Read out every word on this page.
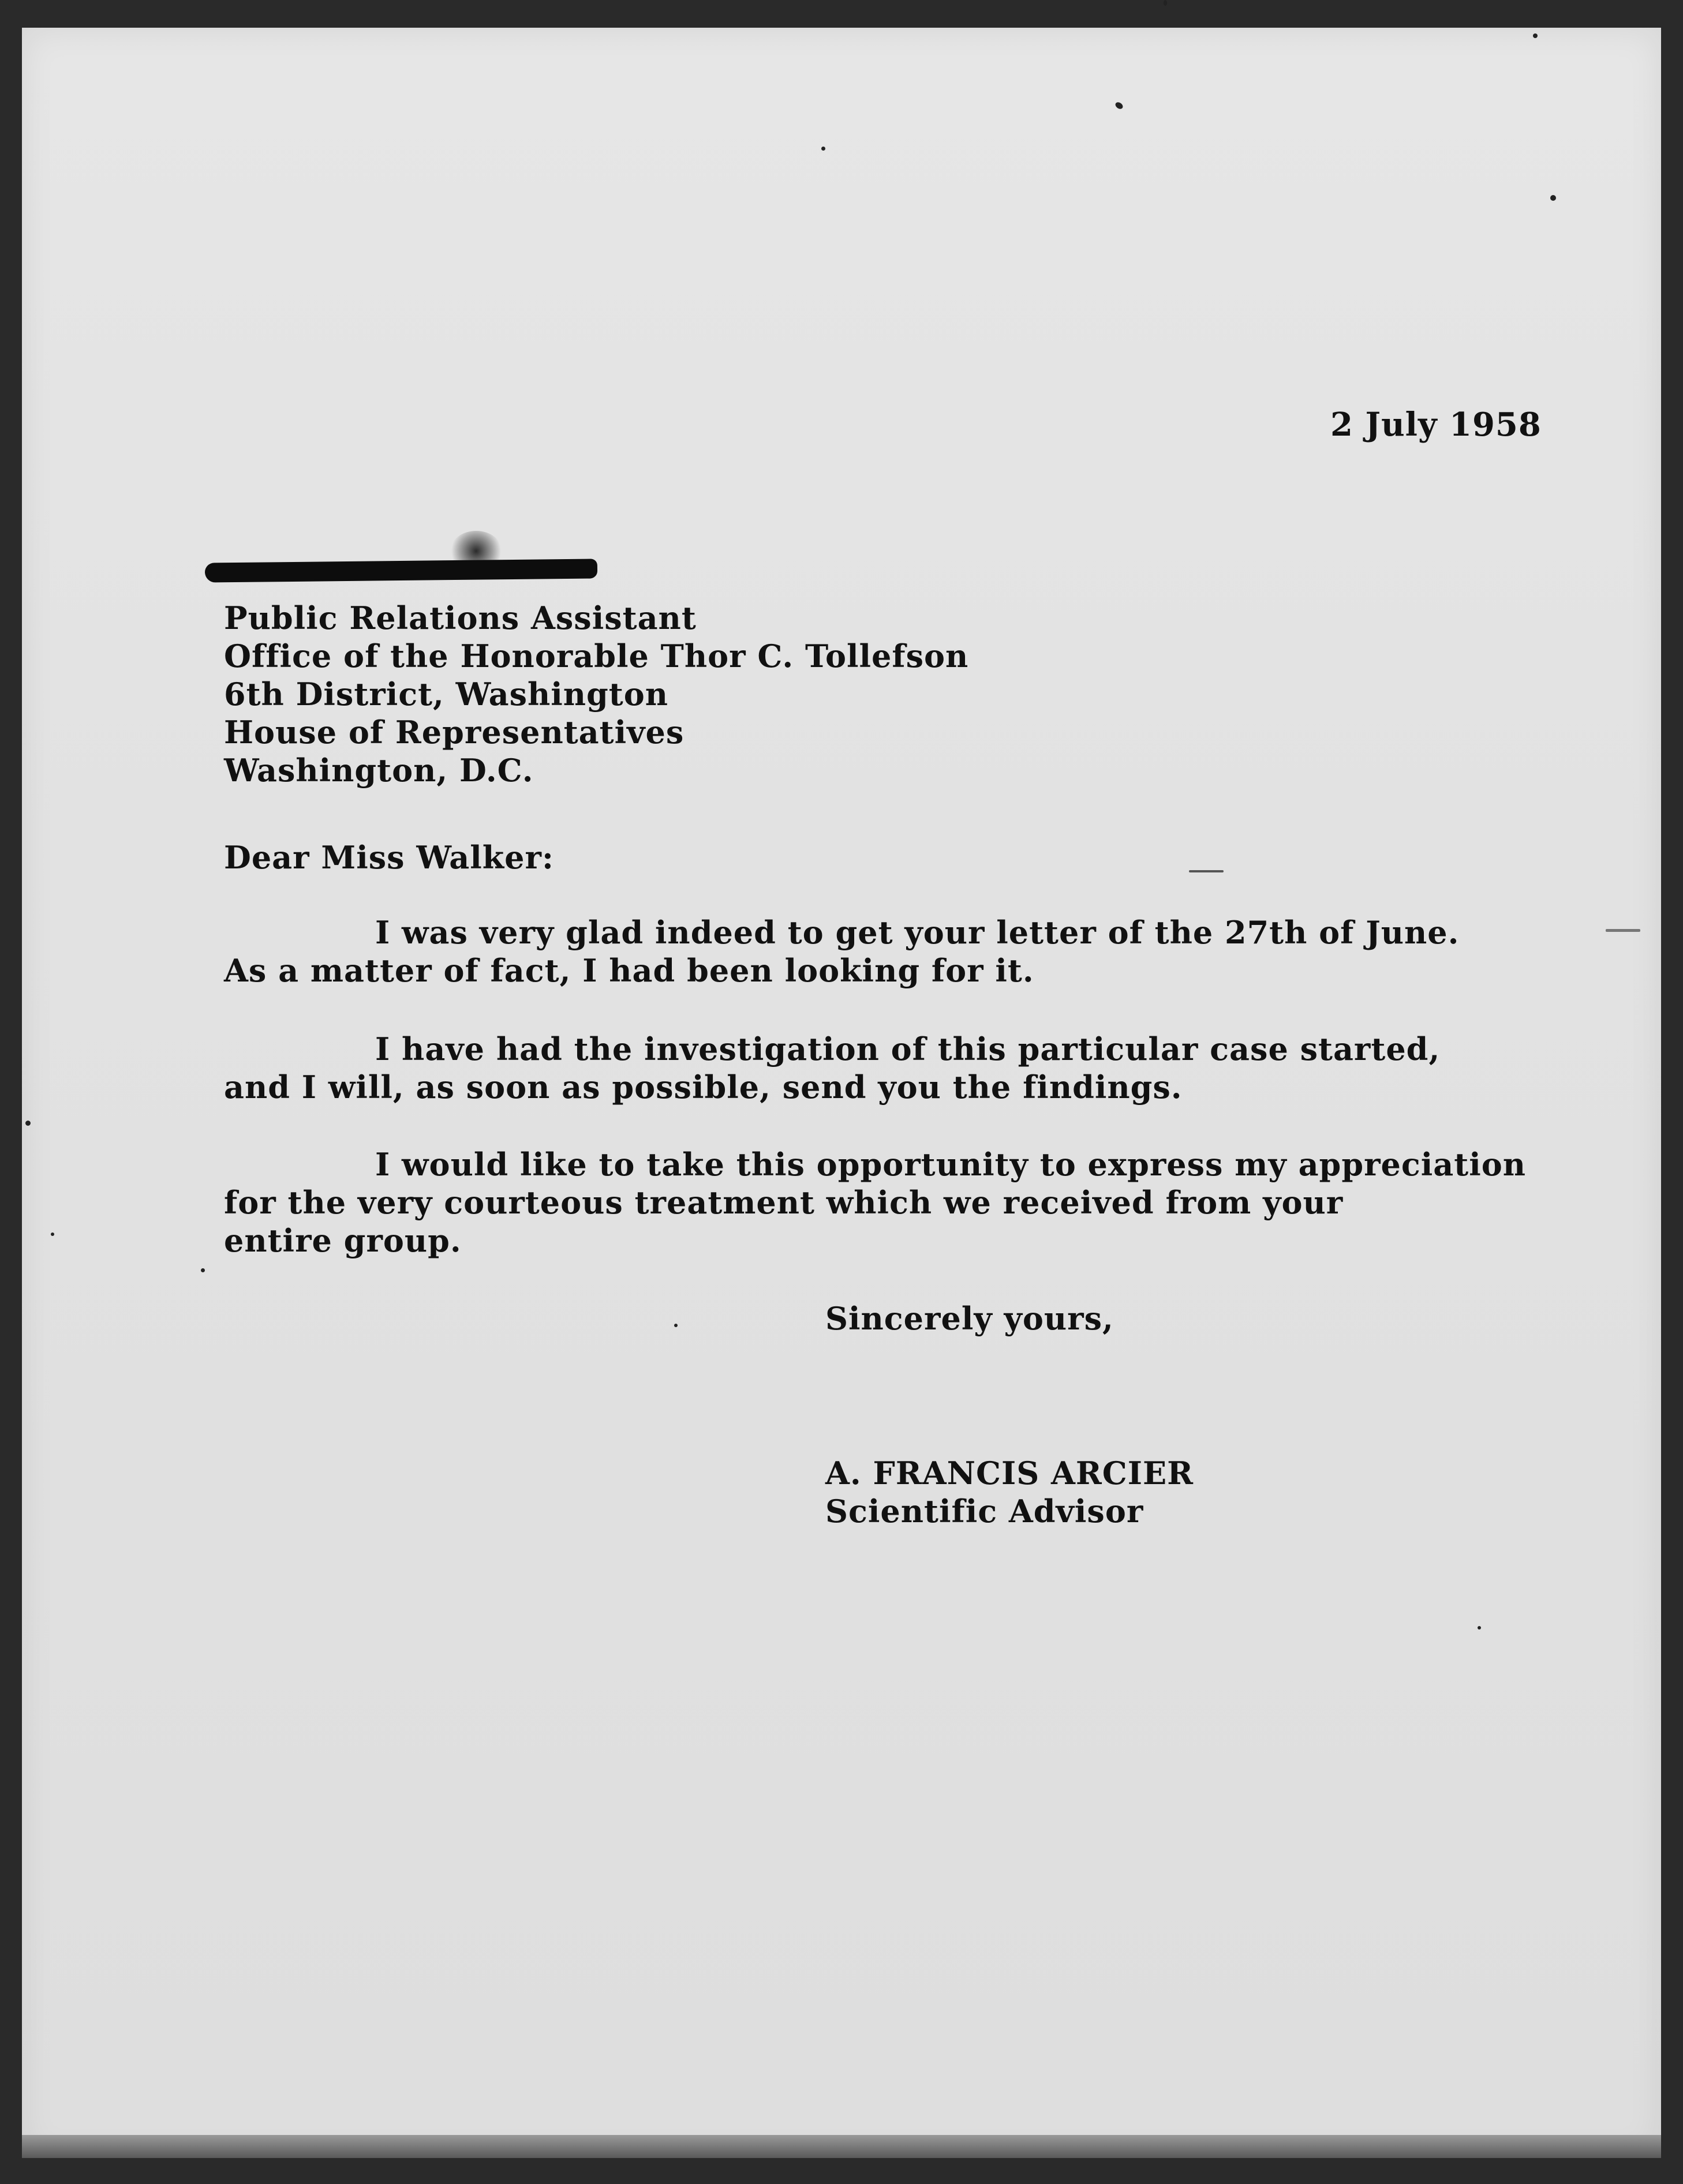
2 July 1958
Public Relations Assistant
Office of the Honorable Thor C. Tollefson
6th District, Washington
House of Representatives
Washington, D.C.
Dear Miss Walker:
I was very glad indeed to get your letter of the 27th of June.
As a matter of fact, I had been looking for it.
I have had the investigation of this particular case started,
and I will, as soon as possible, send you the findings.
I would like to take this opportunity to express my appreciation
for the very courteous treatment which we received from your
entire group.
Sincerely yours,
A. FRANCIS ARCIER
Scientific Advisor
